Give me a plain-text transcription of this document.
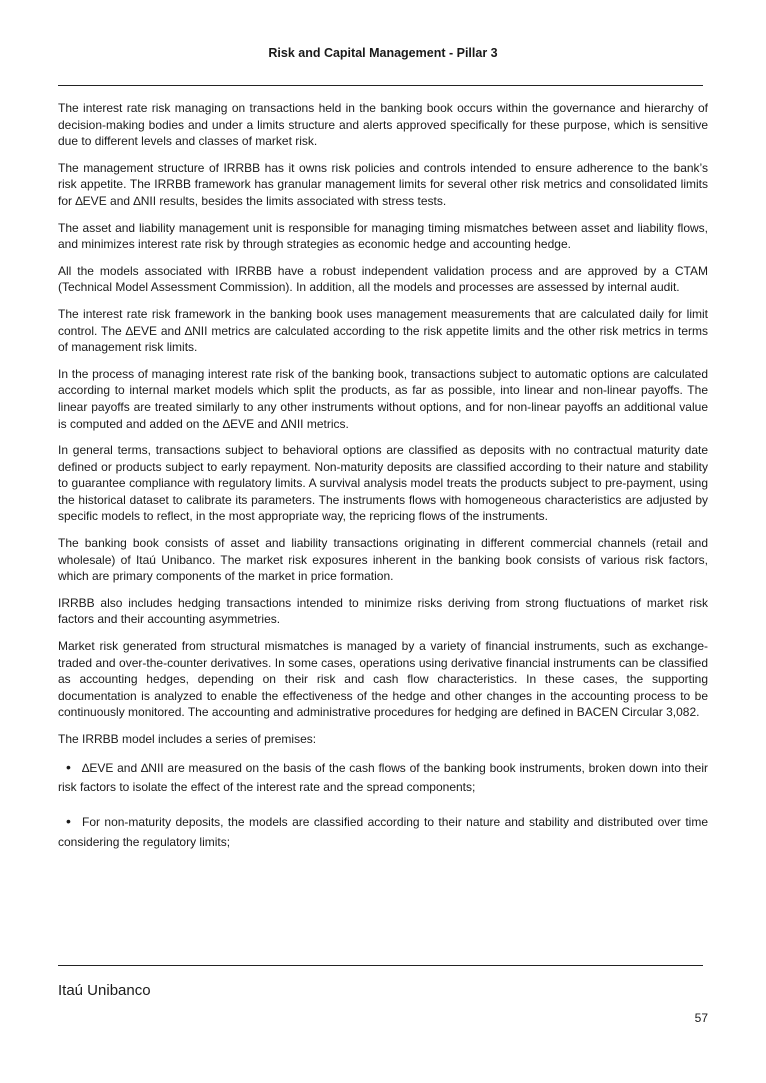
Risk and Capital Management - Pillar 3

The interest rate risk managing on transactions held in the banking book occurs within the governance and hierarchy of decision-making bodies and under a limits structure and alerts approved specifically for these purpose, which is sensitive due to different levels and classes of market risk.

The management structure of IRRBB has it owns risk policies and controls intended to ensure adherence to the bank’s risk appetite. The IRRBB framework has granular management limits for several other risk metrics and consolidated limits for ∆EVE and ∆NII results, besides the limits associated with stress tests.

The asset and liability management unit is responsible for managing timing mismatches between asset and liability flows, and minimizes interest rate risk by through strategies as economic hedge and accounting hedge.

All the models associated with IRRBB have a robust independent validation process and are approved by a CTAM (Technical Model Assessment Commission). In addition, all the models and processes are assessed by internal audit.

The interest rate risk framework in the banking book uses management measurements that are calculated daily for limit control. The ∆EVE and ∆NII metrics are calculated according to the risk appetite limits and the other risk metrics in terms of management risk limits.

In the process of managing interest rate risk of the banking book, transactions subject to automatic options are calculated according to internal market models which split the products, as far as possible, into linear and non-linear payoffs. The linear payoffs are treated similarly to any other instruments without options, and for non-linear payoffs an additional value is computed and added on the ∆EVE and ∆NII metrics.

In general terms, transactions subject to behavioral options are classified as deposits with no contractual maturity date defined or products subject to early repayment. Non-maturity deposits are classified according to their nature and stability to guarantee compliance with regulatory limits. A survival analysis model treats the products subject to pre-payment, using the historical dataset to calibrate its parameters. The instruments flows with homogeneous characteristics are adjusted by specific models to reflect, in the most appropriate way, the repricing flows of the instruments.

The banking book consists of asset and liability transactions originating in different commercial channels (retail and wholesale) of Itaú Unibanco. The market risk exposures inherent in the banking book consists of various risk factors, which are primary components of the market in price formation.

IRRBB also includes hedging transactions intended to minimize risks deriving from strong fluctuations of market risk factors and their accounting asymmetries.

Market risk generated from structural mismatches is managed by a variety of financial instruments, such as exchange-traded and over-the-counter derivatives. In some cases, operations using derivative financial instruments can be classified as accounting hedges, depending on their risk and cash flow characteristics. In these cases, the supporting documentation is analyzed to enable the effectiveness of the hedge and other changes in the accounting process to be continuously monitored. The accounting and administrative procedures for hedging are defined in BACEN Circular 3,082.

The IRRBB model includes a series of premises:

• ∆EVE and ∆NII are measured on the basis of the cash flows of the banking book instruments, broken down into their risk factors to isolate the effect of the interest rate and the spread components;
• For non-maturity deposits, the models are classified according to their nature and stability and distributed over time considering the regulatory limits;
Itaú Unibanco
57
